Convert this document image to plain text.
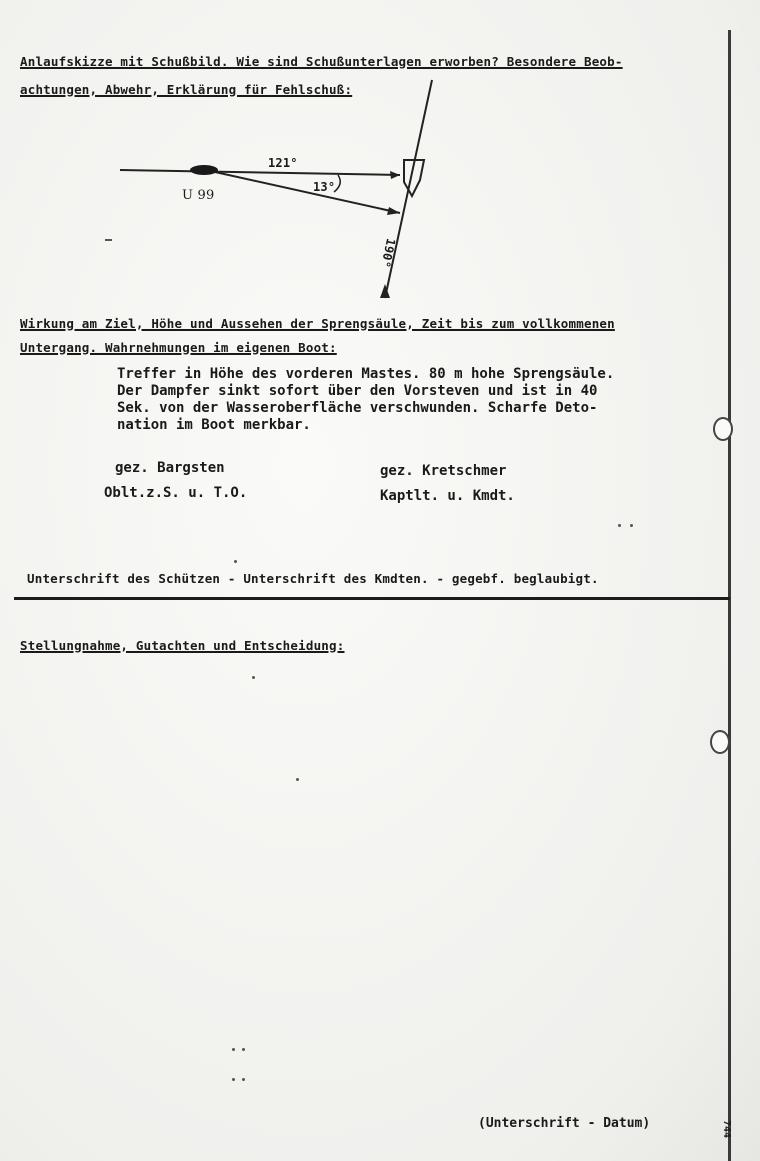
Anlaufskizze mit Schußbild. Wie sind Schußunterlagen erworben? Besondere Beob-
achtungen, Abwehr, Erklärung für Fehlschuß:
U 99
121°
13°
190°
Wirkung am Ziel, Höhe und Aussehen der Sprengsäule, Zeit bis zum vollkommenen
Untergang. Wahrnehmungen im eigenen Boot:
Treffer in Höhe des vorderen Mastes. 80 m hohe Sprengsäule.
Der Dampfer sinkt sofort über den Vorsteven und ist in 40
Sek. von der Wasseroberfläche verschwunden. Scharfe Deto-
nation im Boot merkbar.
gez. Bargsten
Oblt.z.S. u. T.O.
gez. Kretschmer
Kaptlt. u. Kmdt.
Unterschrift des Schützen - Unterschrift des Kmdten. - gegebf. beglaubigt.
Stellungnahme, Gutachten und Entscheidung:
(Unterschrift - Datum)	744
